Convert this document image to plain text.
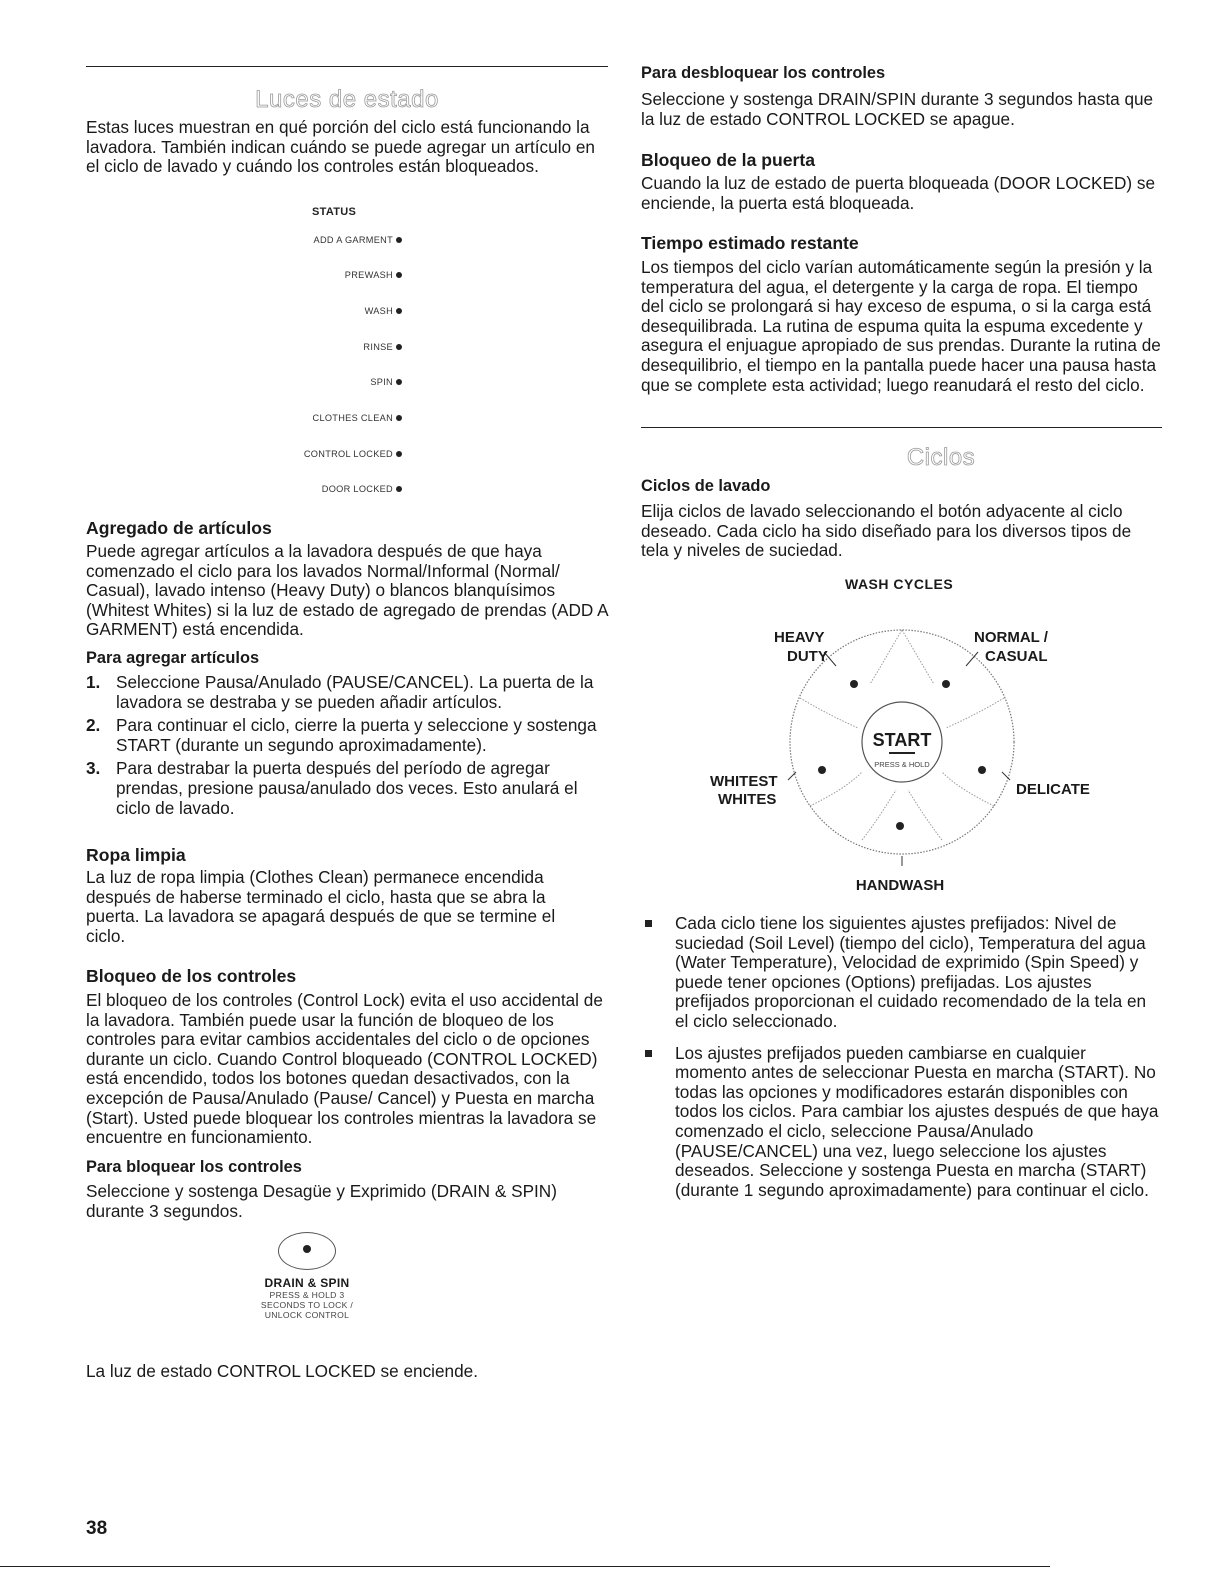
Luces de estado

Estas luces muestran en qué porción del ciclo está funcionando la lavadora. También indican cuándo se puede agregar un artículo en el ciclo de lavado y cuándo los controles están bloqueados.

STATUS
ADD A GARMENT
PREWASH
WASH
RINSE
SPIN
CLOTHES CLEAN
CONTROL LOCKED
DOOR LOCKED
Agregado de artículos

Puede agregar artículos a la lavadora después de que haya comenzado el ciclo para los lavados Normal/Informal (Normal/ Casual), lavado intenso (Heavy Duty) o blancos blanquísimos (Whitest Whites) si la luz de estado de agregado de prendas (ADD A GARMENT) está encendida.

Para agregar artículos
1. Seleccione Pausa/Anulado (PAUSE/CANCEL). La puerta de la lavadora se destraba y se pueden añadir artículos.
2. Para continuar el ciclo, cierre la puerta y seleccione y sostenga START (durante un segundo aproximadamente).
3. Para destrabar la puerta después del período de agregar prendas, presione pausa/anulado dos veces. Esto anulará el ciclo de lavado.
Ropa limpia

La luz de ropa limpia (Clothes Clean) permanece encendida después de haberse terminado el ciclo, hasta que se abra la puerta. La lavadora se apagará después de que se termine el ciclo.

Bloqueo de los controles

El bloqueo de los controles (Control Lock) evita el uso accidental de la lavadora. También puede usar la función de bloqueo de los controles para evitar cambios accidentales del ciclo o de opciones durante un ciclo. Cuando Control bloqueado (CONTROL LOCKED) está encendido, todos los botones quedan desactivados, con la excepción de Pausa/Anulado (Pause/ Cancel) y Puesta en marcha (Start). Usted puede bloquear los controles mientras la lavadora se encuentre en funcionamiento.

Para bloquear los controles

Seleccione y sostenga Desagüe y Exprimido (DRAIN & SPIN) durante 3 segundos.

DRAIN & SPIN
PRESS & HOLD 3
SECONDS TO LOCK /
UNLOCK CONTROL

La luz de estado CONTROL LOCKED se enciende.

38
Para desbloquear los controles

Seleccione y sostenga DRAIN/SPIN durante 3 segundos hasta que la luz de estado CONTROL LOCKED se apague.

Bloqueo de la puerta

Cuando la luz de estado de puerta bloqueada (DOOR LOCKED) se enciende, la puerta está bloqueada.

Tiempo estimado restante

Los tiempos del ciclo varían automáticamente según la presión y la temperatura del agua, el detergente y la carga de ropa. El tiempo del ciclo se prolongará si hay exceso de espuma, o si la carga está desequilibrada. La rutina de espuma quita la espuma excedente y asegura el enjuague apropiado de sus prendas. Durante la rutina de desequilibrio, el tiempo en la pantalla puede hacer una pausa hasta que se complete esta actividad; luego reanudará el resto del ciclo.

Ciclos
Ciclos de lavado

Elija ciclos de lavado seleccionando el botón adyacente al ciclo deseado. Cada ciclo ha sido diseñado para los diversos tipos de tela y niveles de suciedad.

WASH CYCLES
START
PRESS & HOLD
HEAVY
DUTY
NORMAL /
CASUAL
WHITEST
WHITES
DELICATE
HANDWASH
Cada ciclo tiene los siguientes ajustes prefijados: Nivel de suciedad (Soil Level) (tiempo del ciclo), Temperatura del agua (Water Temperature), Velocidad de exprimido (Spin Speed) y puede tener opciones (Options) prefijadas. Los ajustes prefijados proporcionan el cuidado recomendado de la tela en el ciclo seleccionado.
Los ajustes prefijados pueden cambiarse en cualquier momento antes de seleccionar Puesta en marcha (START). No todas las opciones y modificadores estarán disponibles con todos los ciclos. Para cambiar los ajustes después de que haya comenzado el ciclo, seleccione Pausa/Anulado (PAUSE/CANCEL) una vez, luego seleccione los ajustes deseados. Seleccione y sostenga Puesta en marcha (START) (durante 1 segundo aproximadamente) para continuar el ciclo.
